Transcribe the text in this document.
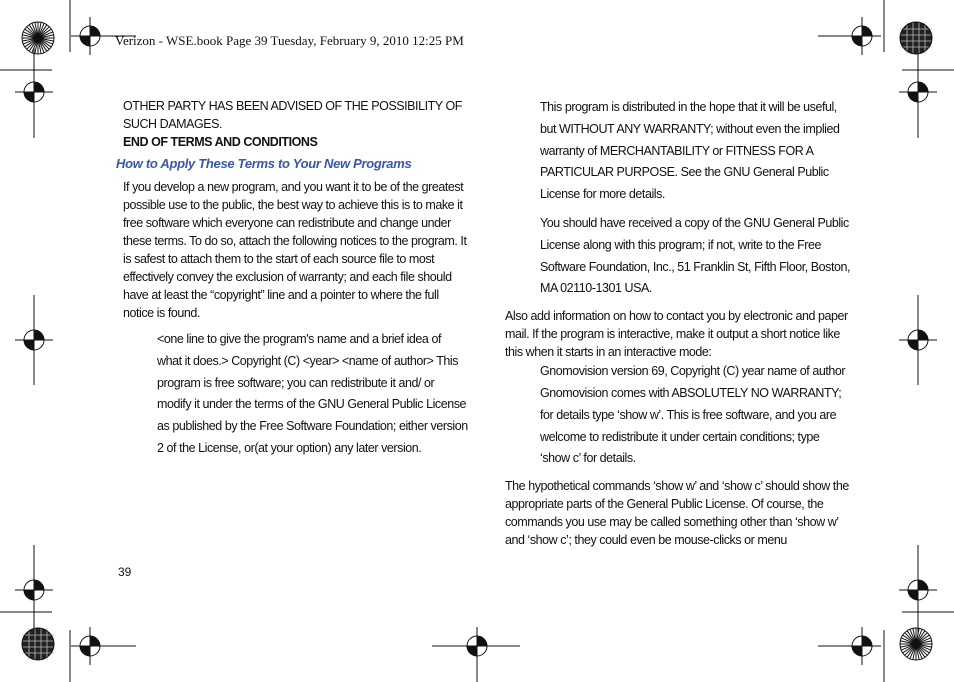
Verizon - WSE.book Page 39 Tuesday, February 9, 2010 12:25 PM

OTHER PARTY HAS BEEN ADVISED OF THE POSSIBILITY OF SUCH DAMAGES.

END OF TERMS AND CONDITIONS

How to Apply These Terms to Your New Programs

If you develop a new program, and you want it to be of the greatest possible use to the public, the best way to achieve this is to make it free software which everyone can redistribute and change under these terms. To do so, attach the following notices to the program. It is safest to attach them to the start of each source file to most effectively convey the exclusion of warranty; and each file should have at least the “copyright” line and a pointer to where the full notice is found.

<one line to give the program's name and a brief idea of what it does.> Copyright (C) <year> <name of author> This program is free software; you can redistribute it and/ or modify it under the terms of the GNU General Public License as published by the Free Software Foundation; either version 2 of the License, or(at your option) any later version.

This program is distributed in the hope that it will be useful, but WITHOUT ANY WARRANTY; without even the implied warranty of MERCHANTABILITY or FITNESS FOR A PARTICULAR PURPOSE. See the GNU General Public License for more details.

You should have received a copy of the GNU General Public License along with this program; if not, write to the Free Software Foundation, Inc., 51 Franklin St, Fifth Floor, Boston, MA 02110-1301 USA.

Also add information on how to contact you by electronic and paper mail. If the program is interactive, make it output a short notice like this when it starts in an interactive mode:

Gnomovision version 69, Copyright (C) year name of author Gnomovision comes with ABSOLUTELY NO WARRANTY; for details type ‘show w’. This is free software, and you are welcome to redistribute it under certain conditions; type ‘show c’ for details.

The hypothetical commands ‘show w’ and ‘show c’ should show the appropriate parts of the General Public License. Of course, the commands you use may be called something other than ‘show w’ and ‘show c’; they could even be mouse-clicks or menu

39
